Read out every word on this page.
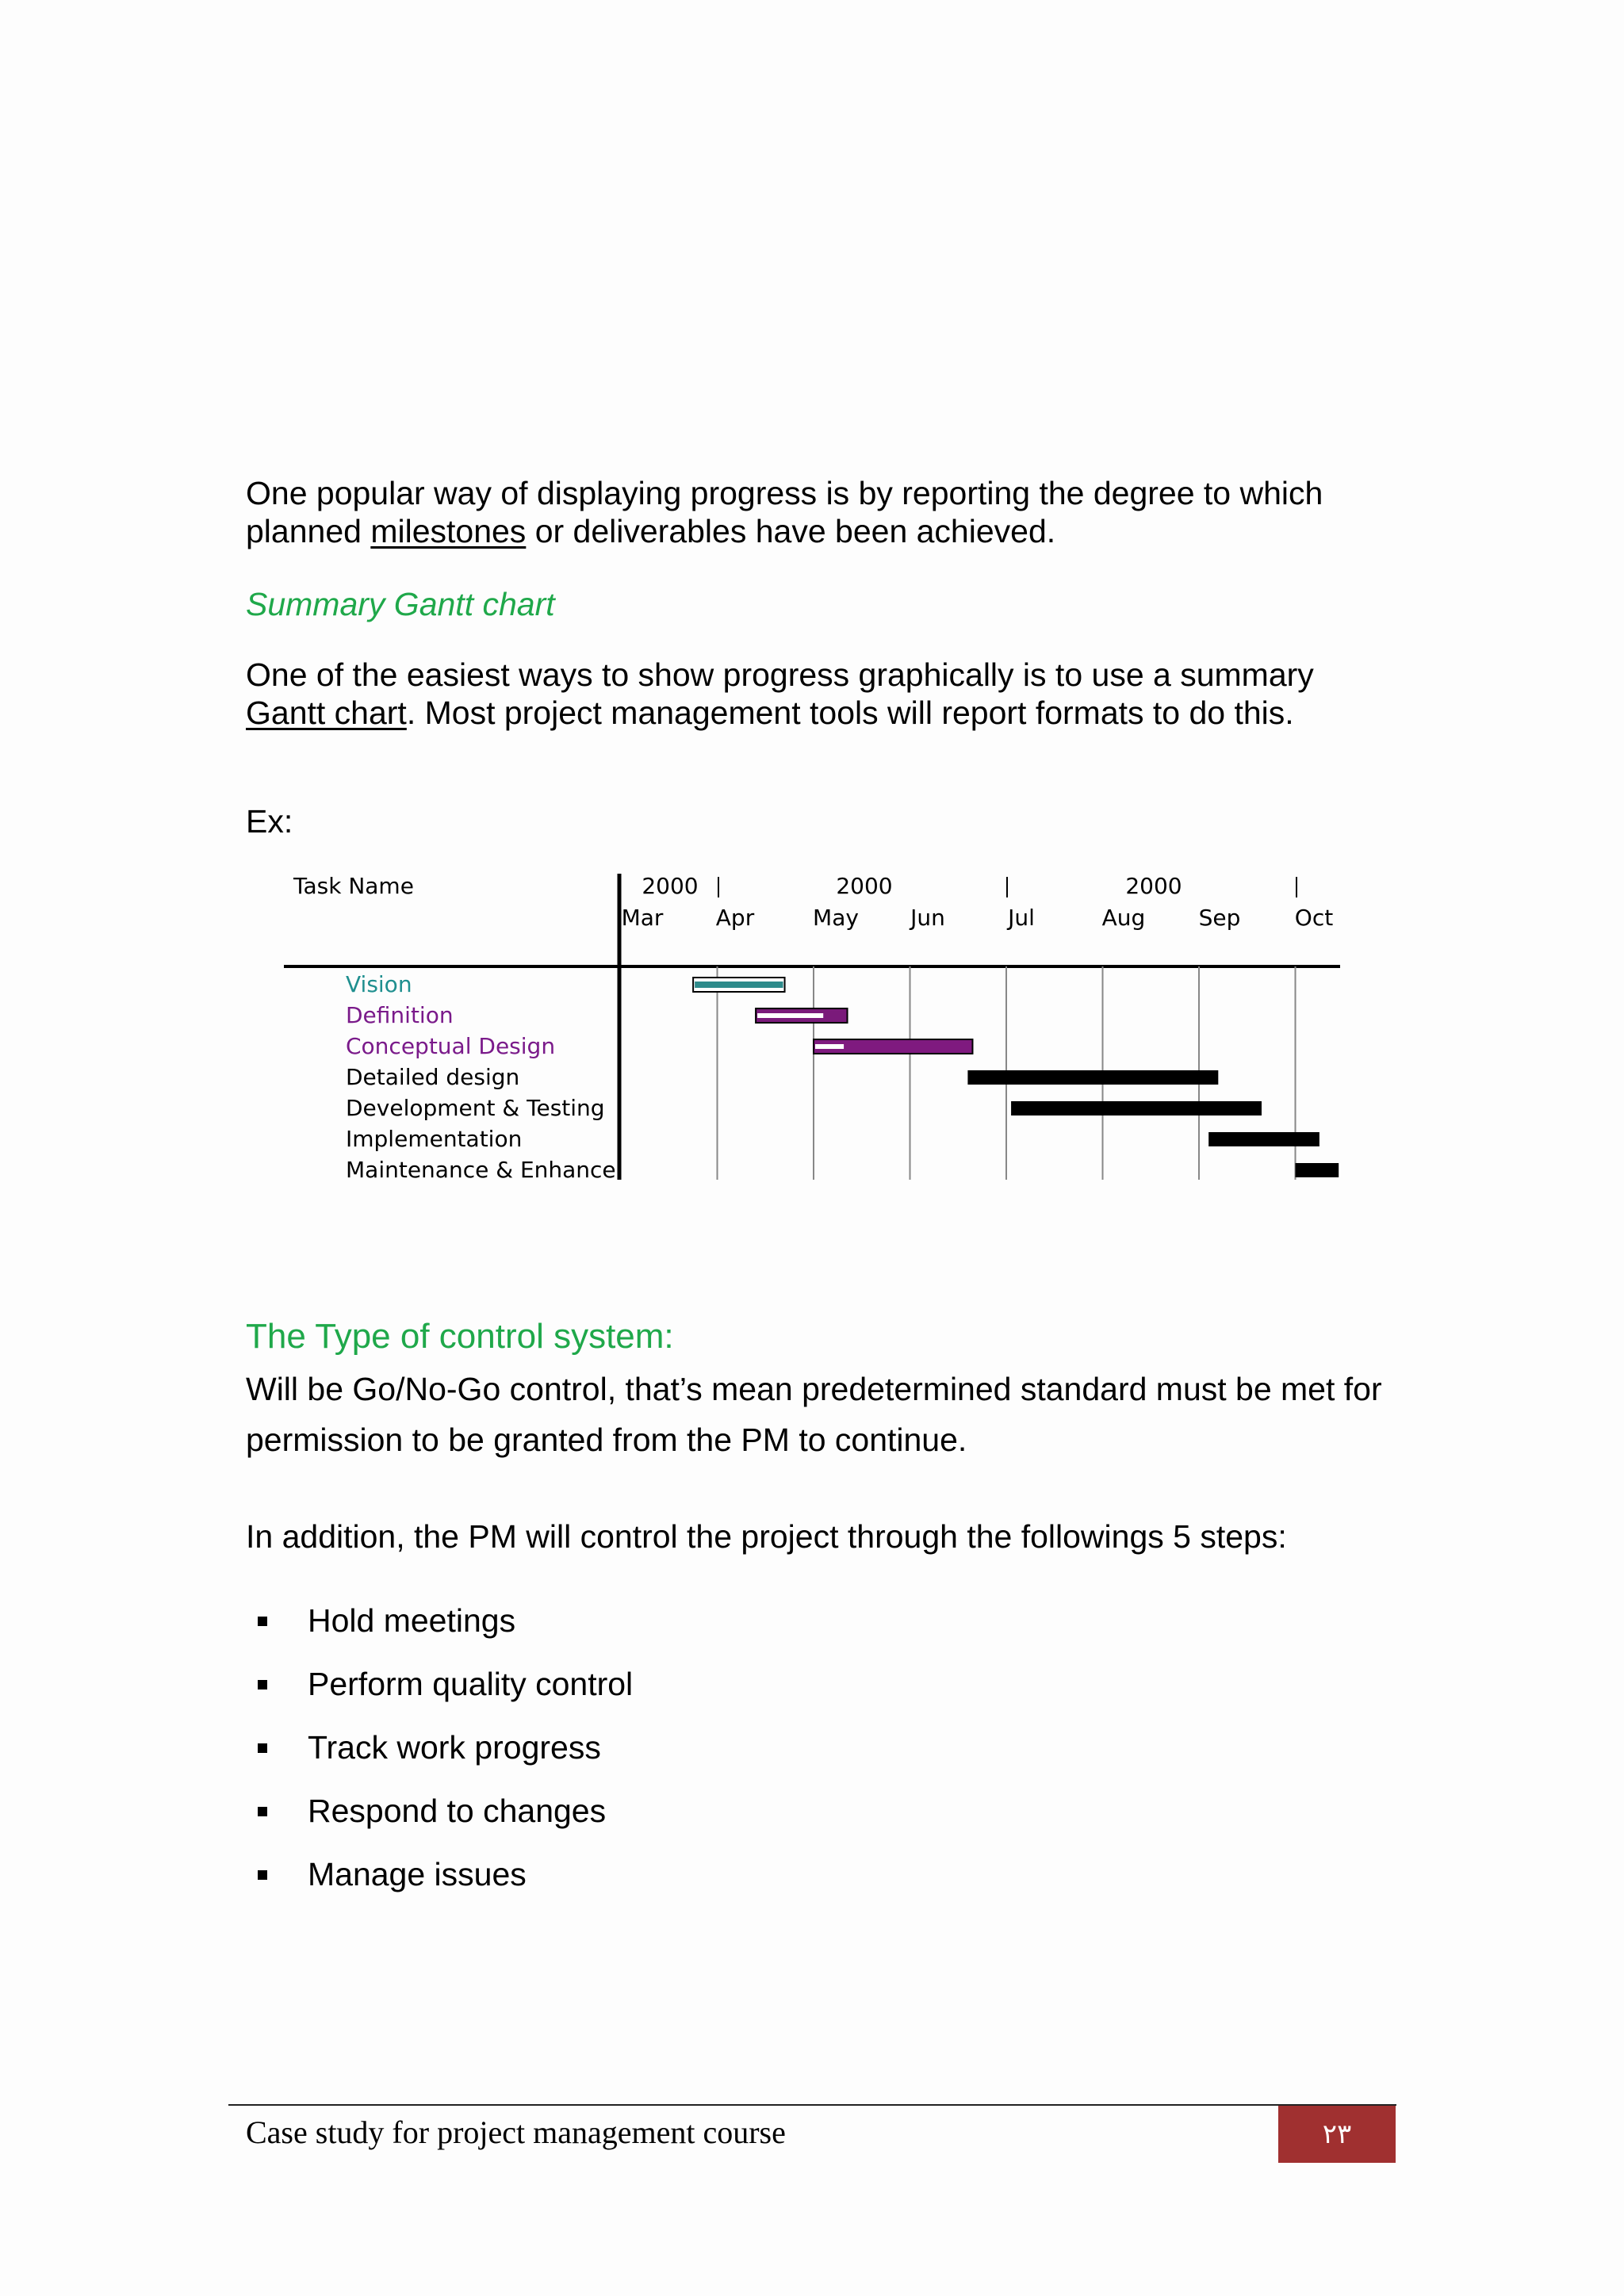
One popular way of displaying progress is by reporting the degree to which planned milestones or deliverables have been achieved.

Summary Gantt chart

One of the easiest ways to show progress graphically is to use a summary Gantt chart. Most project management tools will report formats to do this.

Ex:

Task Name	2000	2000	2000
Mar Apr	May Jun	Jul	Aug Sep Oct
Vision
Definition
Conceptual Design
Detailed design
Development & Testing
Implementation
Maintenance & Enhance

The Type of control system:

Will be Go/No-Go control, that’s mean predetermined standard must be met for permission to be granted from the PM to continue.

In addition, the PM will control the project through the followings 5 steps:

Hold meetings
Perform quality control
Track work progress
Respond to changes
Manage issues

Case study for project management course	٢٣
